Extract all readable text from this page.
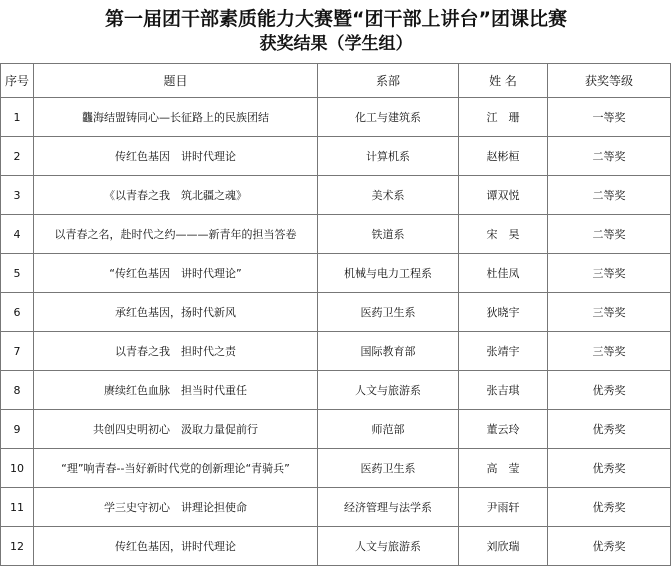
第一届团干部素质能力大赛暨“团干部上讲台”团课比赛
获奖结果（学生组）
序号	题目	系部	姓 名	获奖等级
1	龘海结盟铸同心—长征路上的民族团结	化工与建筑系	江　珊	一等奖
2	传红色基因　讲时代理论	计算机系	赵彬桓	二等奖
3	《以青春之我　筑北疆之魂》	美术系	谭双悦	二等奖
4	以青春之名，赴时代之约———新青年的担当答卷	铁道系	宋　昊	二等奖
5	“传红色基因　讲时代理论”	机械与电力工程系	杜佳凤	三等奖
6	承红色基因，扬时代新风	医药卫生系	狄晓宇	三等奖
7	以青春之我　担时代之责	国际教育部	张靖宇	三等奖
8	赓续红色血脉　担当时代重任	人文与旅游系	张吉琪	优秀奖
9	共创四史明初心　汲取力量促前行	师范部	董云玲	优秀奖
10	“理”响青春--当好新时代党的创新理论“青骑兵”	医药卫生系	高　莹	优秀奖
11	学三史守初心　讲理论担使命	经济管理与法学系	尹雨轩	优秀奖
12	传红色基因，讲时代理论	人文与旅游系	刘欣瑞	优秀奖
